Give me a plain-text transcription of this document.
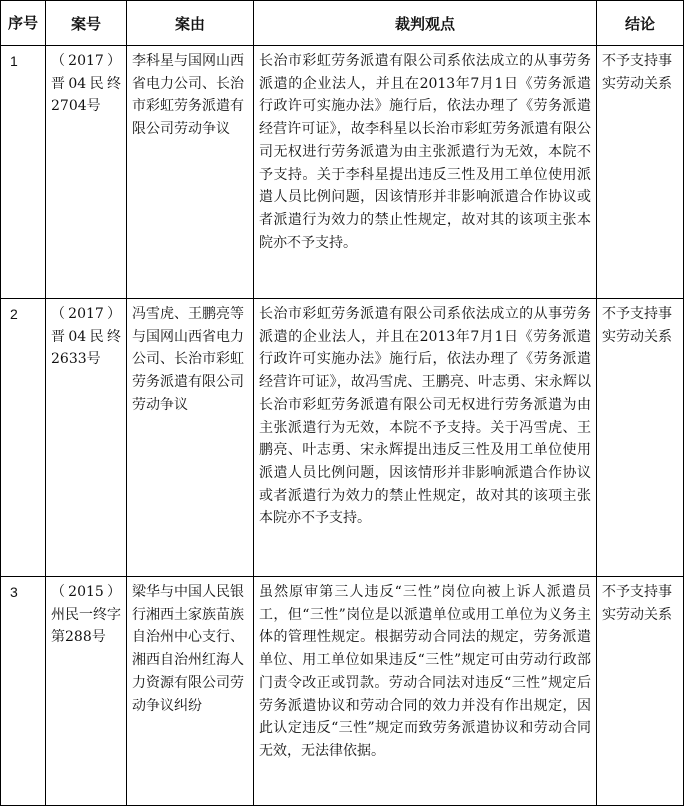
序号	案号	案由	裁判观点	结论

1	（2017）晋04民终2704号	李科星与国网山西省电力公司、长治市彩虹劳务派遣有限公司劳动争议	长治市彩虹劳务派遣有限公司系依法成立的从事劳务派遣的企业法人，并且在2013年7月1日《劳务派遣行政许可实施办法》施行后，依法办理了《劳务派遣经营许可证》，故李科星以长治市彩虹劳务派遣有限公司无权进行劳务派遣为由主张派遣行为无效，本院不予支持。关于李科星提出违反三性及用工单位使用派遣人员比例问题，因该情形并非影响派遣合作协议或者派遣行为效力的禁止性规定，故对其的该项主张本院亦不予支持。	不予支持事实劳动关系

2	（2017）晋04民终2633号	冯雪虎、王鹏亮等与国网山西省电力公司、长治市彩虹劳务派遣有限公司劳动争议	长治市彩虹劳务派遣有限公司系依法成立的从事劳务派遣的企业法人，并且在2013年7月1日《劳务派遣行政许可实施办法》施行后，依法办理了《劳务派遣经营许可证》，故冯雪虎、王鹏亮、叶志勇、宋永辉以长治市彩虹劳务派遣有限公司无权进行劳务派遣为由主张派遣行为无效，本院不予支持。关于冯雪虎、王鹏亮、叶志勇、宋永辉提出违反三性及用工单位使用派遣人员比例问题，因该情形并非影响派遣合作协议或者派遣行为效力的禁止性规定，故对其的该项主张本院亦不予支持。	不予支持事实劳动关系

3	（2015）州民一终字第288号	梁华与中国人民银行湘西土家族苗族自治州中心支行、湘西自治州红海人力资源有限公司劳动争议纠纷	虽然原审第三人违反“三性”岗位向被上诉人派遣员工，但“三性”岗位是以派遣单位或用工单位为义务主体的管理性规定。根据劳动合同法的规定，劳务派遣单位、用工单位如果违反“三性”规定可由劳动行政部门责令改正或罚款。劳动合同法对违反“三性”规定后劳务派遣协议和劳动合同的效力并没有作出规定，因此认定违反“三性”规定而致劳务派遣协议和劳动合同无效，无法律依据。	不予支持事实劳动关系
